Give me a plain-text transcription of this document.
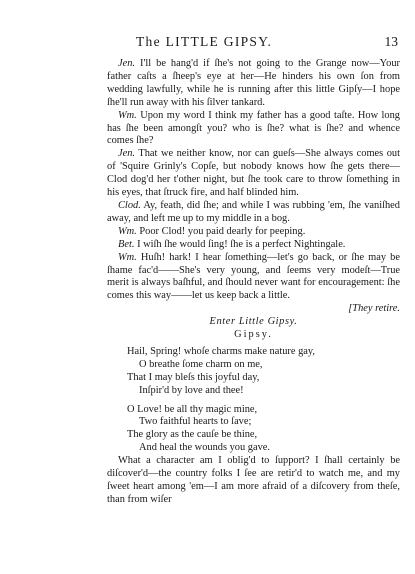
The LITTLE GIPSY.	13

Jen. I'll be hang'd if ſhe's not going to the Grange now—Your father caſts a ſheep's eye at her—He hinders his own ſon from wedding lawfully, while he is running after this little Gipſy—I hope ſhe'll run away with his ſilver tankard.

Wm. Upon my word I think my father has a good taſte. How long has ſhe been amongſt you? who is ſhe? what is ſhe? and whence comes ſhe?

Jen. That we neither know, nor can gueſs—She always comes out of 'Squire Grinly's Copſe, but nobody knows how ſhe gets there—Clod dog'd her t'other night, but ſhe took care to throw ſomething in his eyes, that ſtruck fire, and half blinded him.

Clod. Ay, feath, did ſhe; and while I was rubbing 'em, ſhe vaniſhed away, and left me up to my middle in a bog.

Wm. Poor Clod! you paid dearly for peeping.

Bet. I wiſh ſhe would ſing! ſhe is a perfect Nightingale.

Wm. Huſh! hark! I hear ſomething—let's go back, or ſhe may be ſhame fac'd——She's very young, and ſeems very modeſt—True merit is always baſhful, and ſhould never want for encouragement: ſhe comes this way——let us keep back a little.

[They retire.

Enter Little Gipsy.

Gipsy.

Hail, Spring! whoſe charms make nature gay,
O breathe ſome charm on me,
That I may bleſs this joyful day,
Inſpir'd by love and thee!
O Love! be all thy magic mine,
Two faithful hearts to ſave;
The glory as the cauſe be thine,
And heal the wounds you gave.

What a character am I oblig'd to ſupport? I ſhall certainly be diſcover'd—the country folks I ſee are retir'd to watch me, and my ſweet heart among 'em—I am more afraid of a diſcovery from theſe, than from wiſer
